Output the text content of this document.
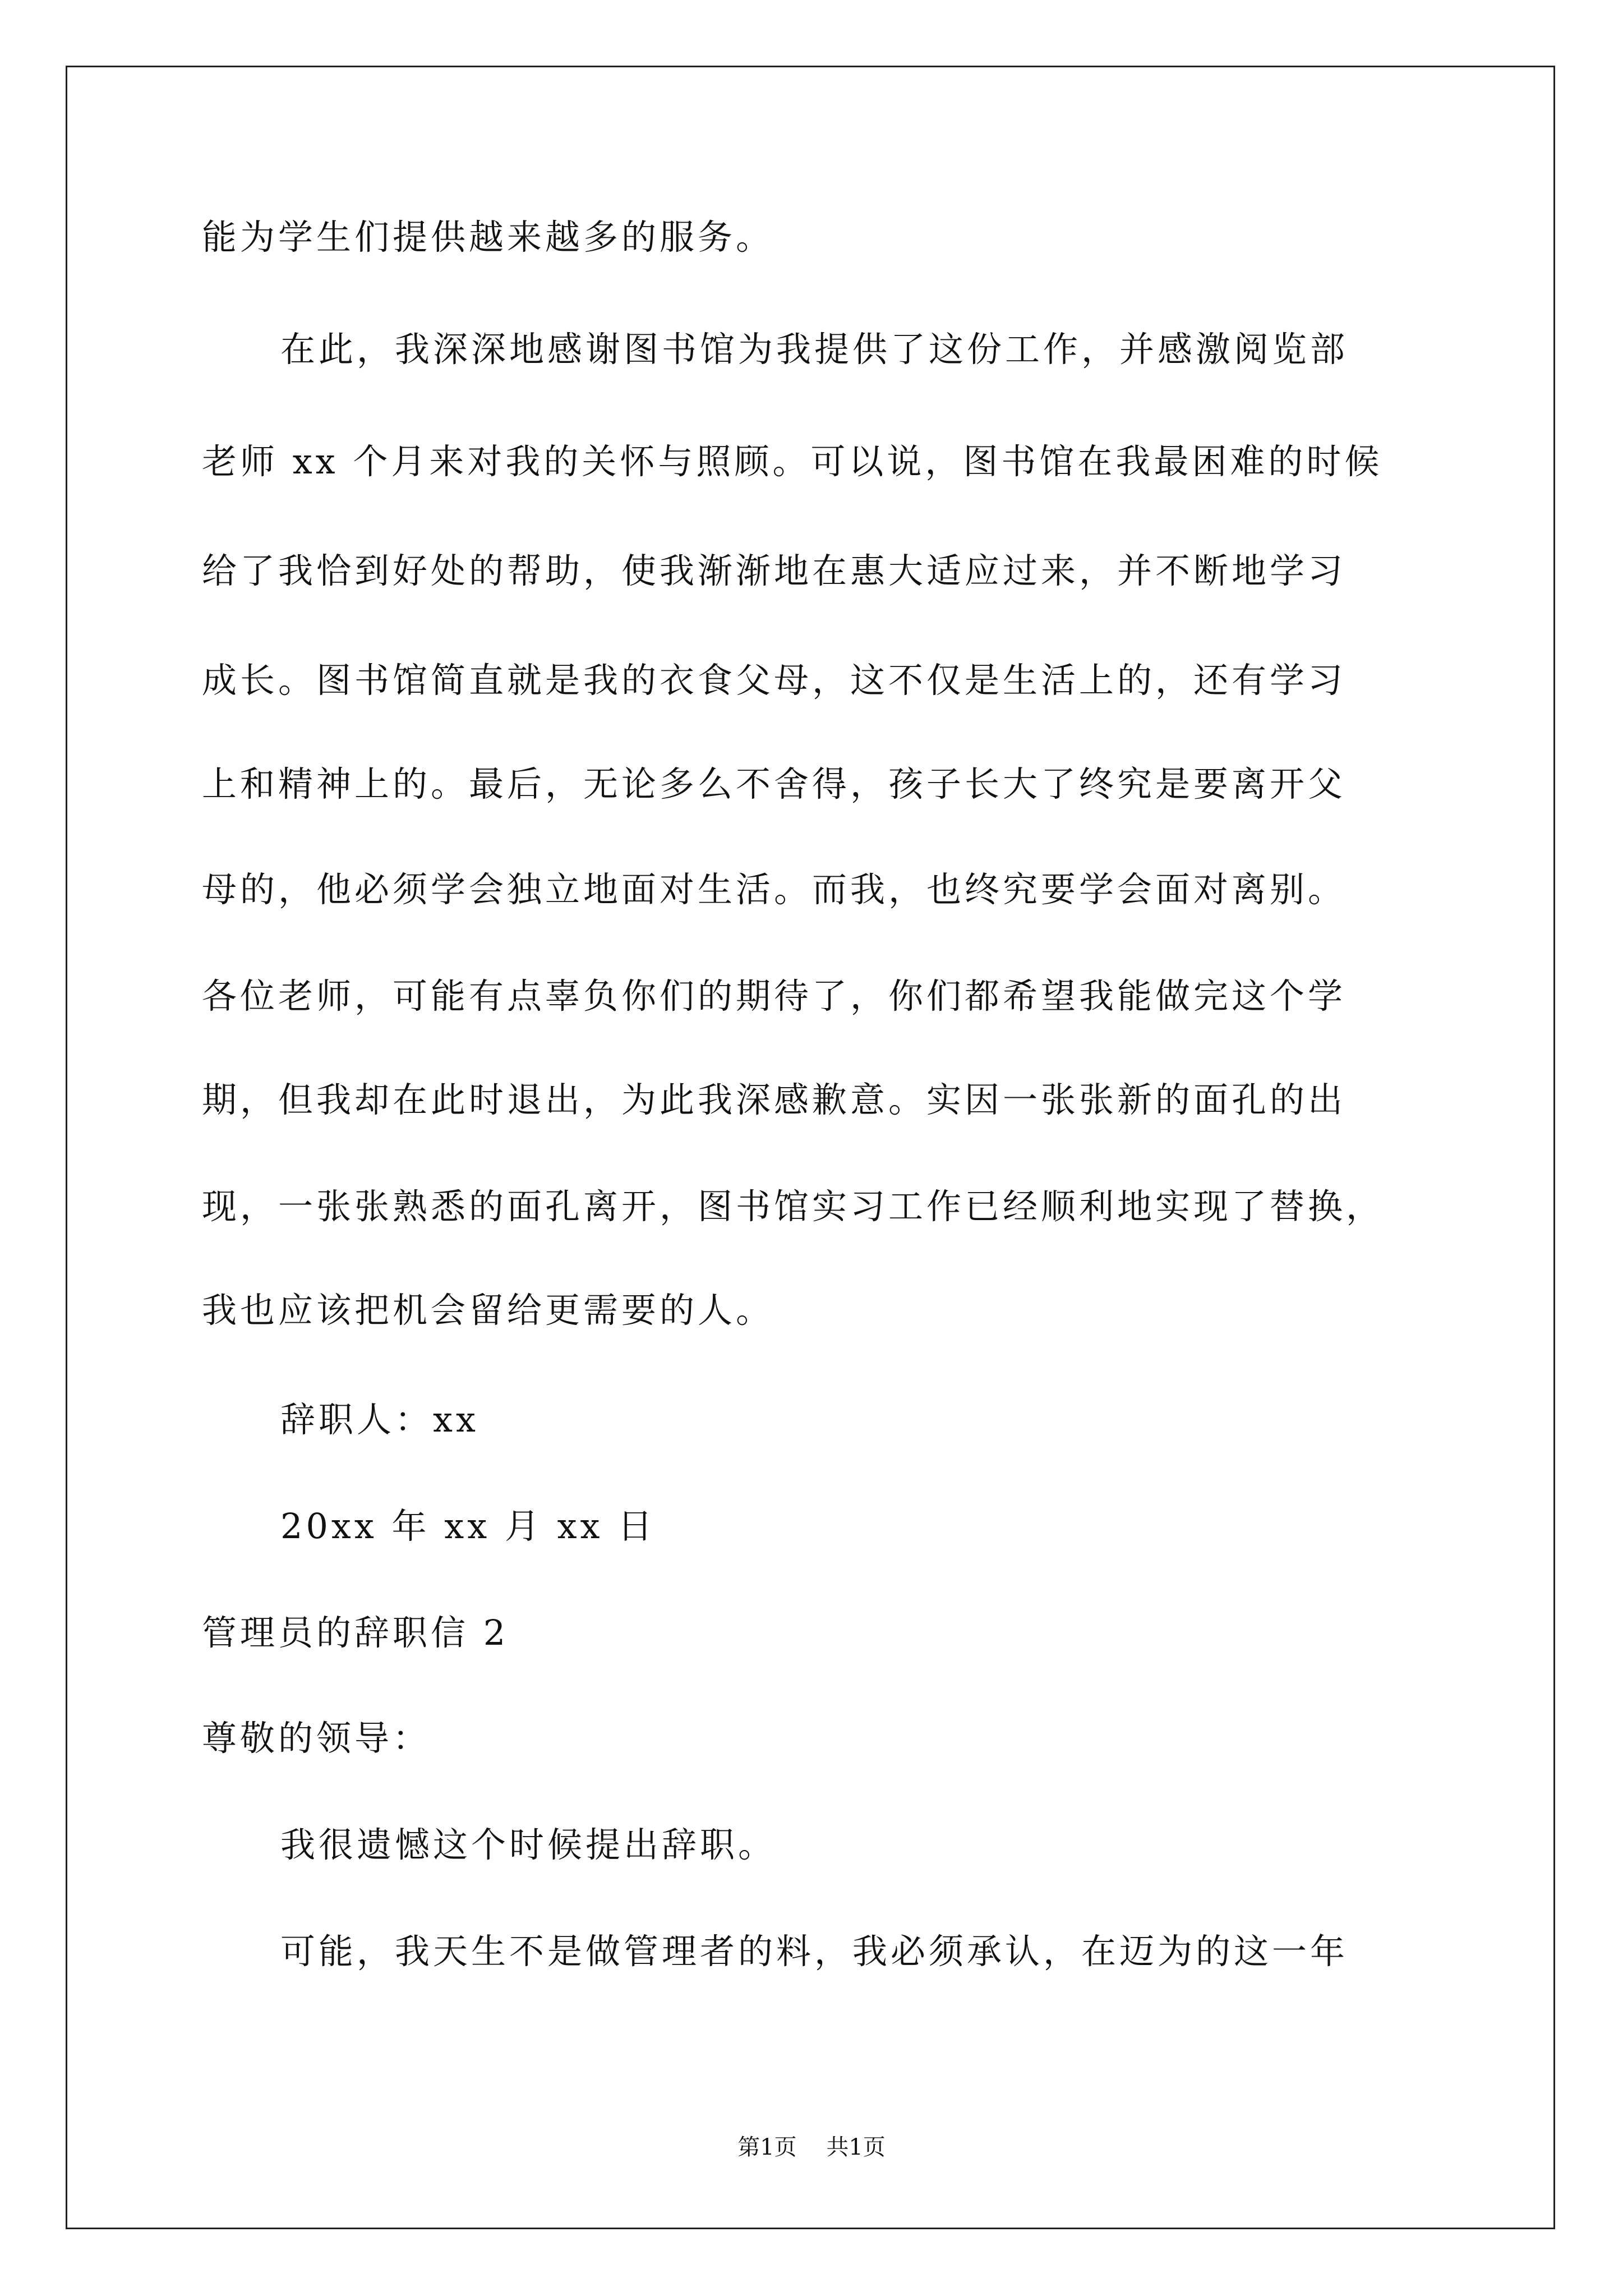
能为学生们提供越来越多的服务。
在此，我深深地感谢图书馆为我提供了这份工作，并感激阅览部
老师 xx 个月来对我的关怀与照顾。可以说，图书馆在我最困难的时候
给了我恰到好处的帮助，使我渐渐地在惠大适应过来，并不断地学习
成长。图书馆简直就是我的衣食父母，这不仅是生活上的，还有学习
上和精神上的。最后，无论多么不舍得，孩子长大了终究是要离开父
母的，他必须学会独立地面对生活。而我，也终究要学会面对离别。
各位老师，可能有点辜负你们的期待了，你们都希望我能做完这个学
期，但我却在此时退出，为此我深感歉意。实因一张张新的面孔的出
现，一张张熟悉的面孔离开，图书馆实习工作已经顺利地实现了替换，
我也应该把机会留给更需要的人。
辞职人：xx
20xx 年 xx 月 xx 日
管理员的辞职信 2
尊敬的领导：
我很遗憾这个时候提出辞职。
可能，我天生不是做管理者的料，我必须承认，在迈为的这一年
第1页 共1页
